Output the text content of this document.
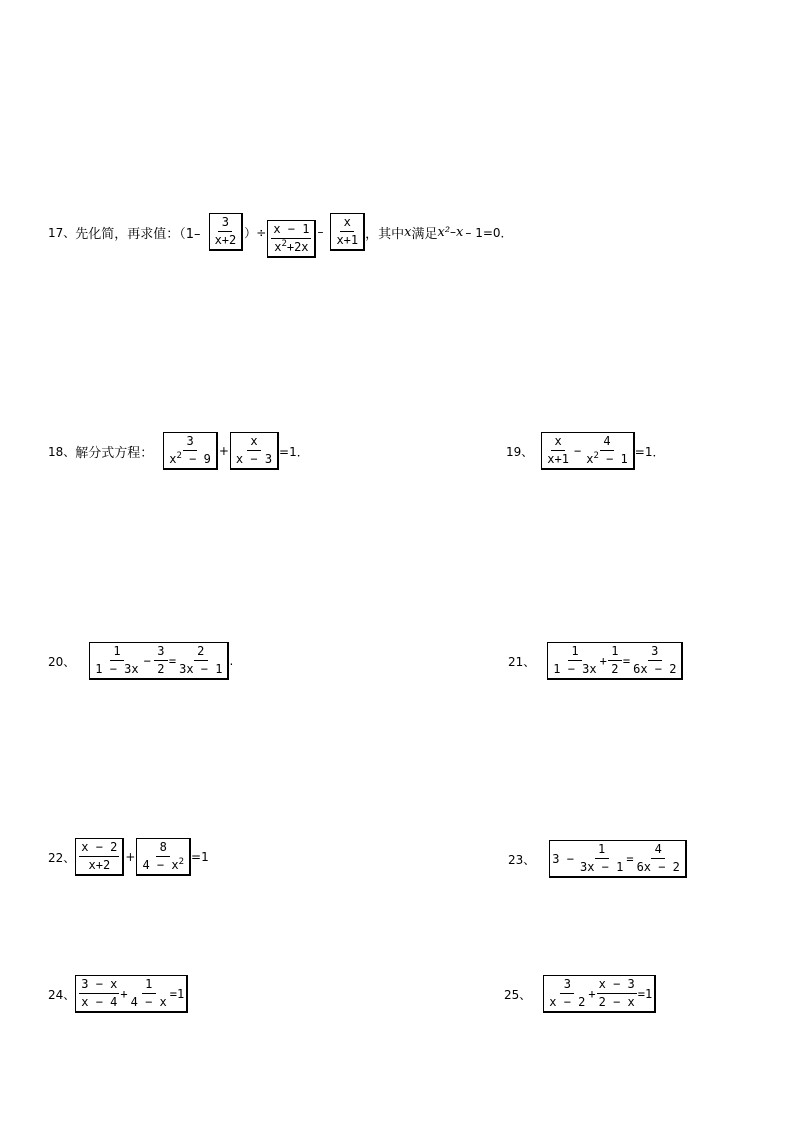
17、 先化简，再求值：（$1- \frac{3}{x+2}$ ）÷ $\frac{x - 1}{x^2+2x} - \frac{x}{x+1}$ ，其中 x 满足 x² – x – 1=0．
18、 解分式方程： $\frac{3}{x^2 - 9} + \frac{x}{x - 3} =1$．	19、 $\frac{x}{x+1} - \frac{4}{x^2 - 1} =1$．
20、 $\frac{1}{1 - 3x} - \frac{3}{2} = \frac{2}{3x - 1}$ .	21、 $\frac{1}{1 - 3x} + \frac{1}{2} = \frac{3}{6x - 2}$
22、 $\frac{x - 2}{x+2} + \frac{8}{4 - x^2} =1$	23、 $3 - \frac{1}{3x - 1} = \frac{4}{6x - 2}$
24、 $\frac{3 - x}{x - 4} + \frac{1}{4 - x} =1$	25、 $\frac{3}{x - 2} + \frac{x - 3}{2 - x} =1$
